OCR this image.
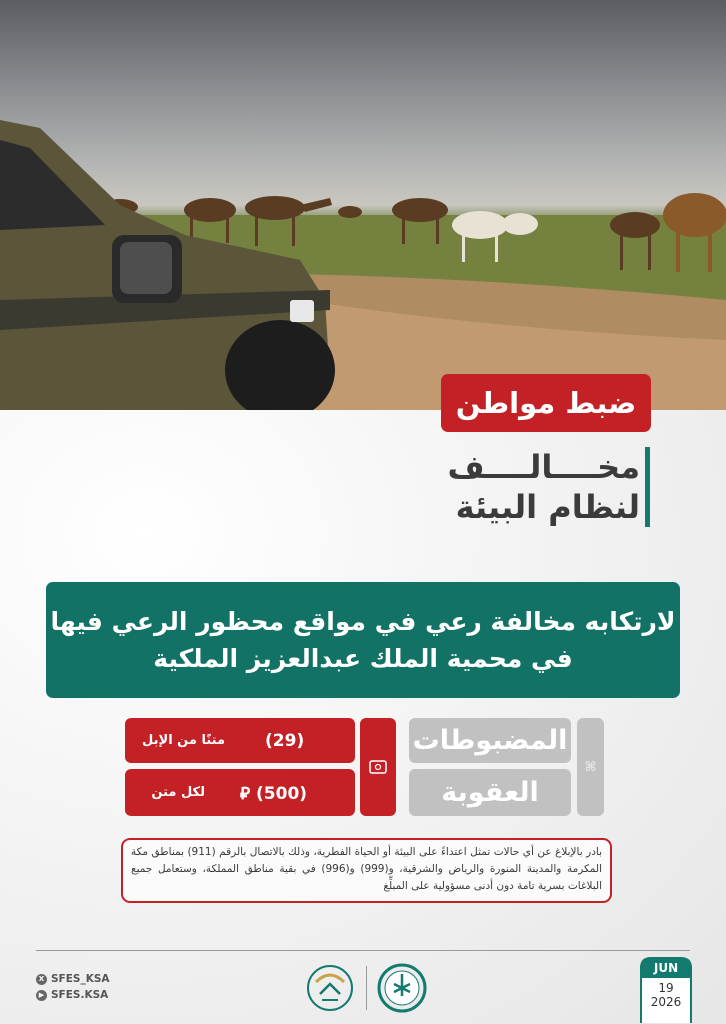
ضبط مواطن
مخــــالــــف
لنظام البيئة
لارتكابه مخالفة رعي في مواقع محظور الرعي فيها
في محمية الملك عبدالعزيز الملكية
⌘
المضبوطات
العقوبة
متنًا من الإبل (29)
لكل متن (500) ⃁
بادر بالإبلاغ عن أي حالات تمثل اعتداءً على البيئة أو الحياة الفطرية، وذلك بالاتصال بالرقم (911) بمناطق مكة المكرمة والمدينة المنورة والرياض والشرقية، و(999) و(996) في بقية مناطق المملكة، وستعامل جميع البلاغات بسرية تامة دون أدنى مسؤولية على المبلِّغ
X SFES_KSA
▶ SFES.KSA
JUN
19
2026
